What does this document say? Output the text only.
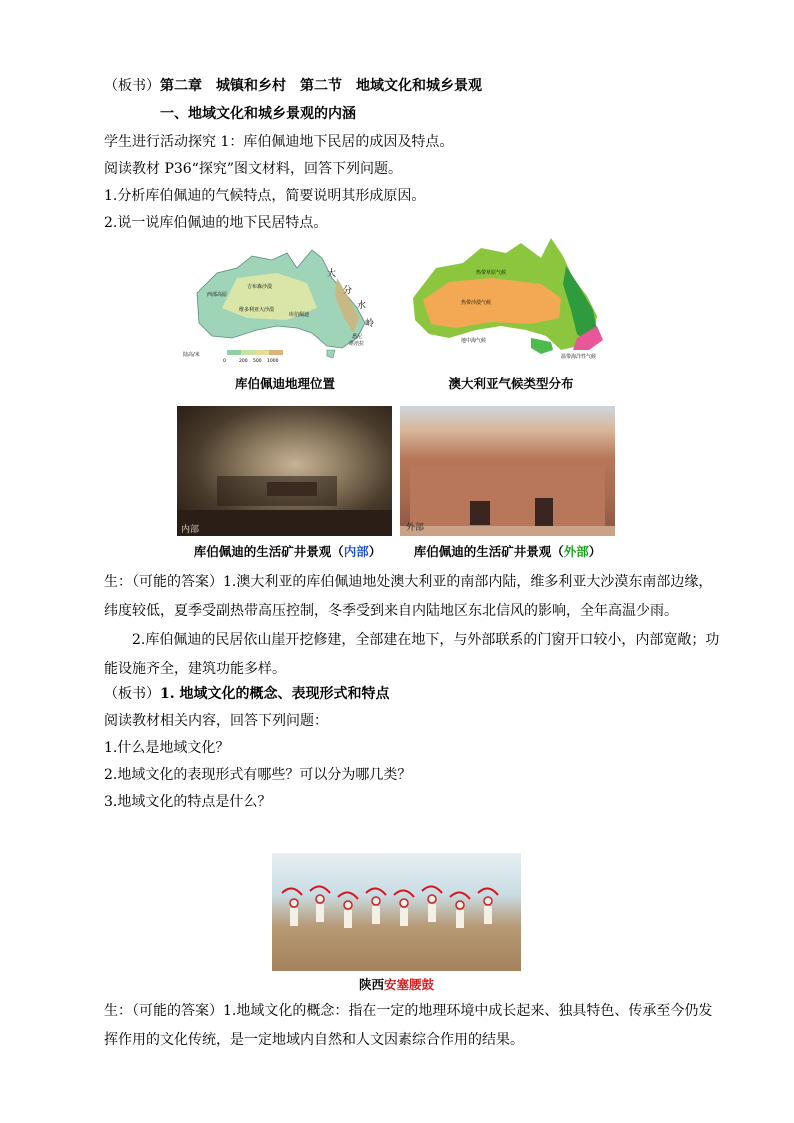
（板书）第二章　城镇和乡村　第二节　地域文化和城乡景观
一、地域文化和城乡景观的内涵
学生进行活动探究 1：库伯佩迪地下民居的成因及特点。
阅读教材 P36“探究”图文材料，回答下列问题。
1.分析库伯佩迪的气候特点，简要说明其形成原因。
2.说一说库伯佩迪的地下民居特点。
大
分
水
岭
吉布森沙漠
维多利亚大沙漠
库伯佩迪
悉尼
堪培拉
西部高原
陆高/米
0	200 500 1000
库伯佩迪地理位置
热带草原气候
热带沙漠气候
地中海气候
温带海洋性气候
澳大利亚气候类型分布
内部
库伯佩迪的生活矿井景观（内部）
外部
库伯佩迪的生活矿井景观（外部）
生：（可能的答案）1.澳大利亚的库伯佩迪地处澳大利亚的南部内陆，维多利亚大沙漠东南部边缘，纬度较低，夏季受副热带高压控制，冬季受到来自内陆地区东北信风的影响，全年高温少雨。
2.库伯佩迪的民居依山崖开挖修建，全部建在地下，与外部联系的门窗开口较小，内部宽敞；功能设施齐全，建筑功能多样。
（板书）1. 地域文化的概念、表现形式和特点
阅读教材相关内容，回答下列问题：
1.什么是地域文化？
2.地域文化的表现形式有哪些？可以分为哪几类？
3.地域文化的特点是什么？
陕西安塞腰鼓
生：（可能的答案）1.地域文化的概念：指在一定的地理环境中成长起来、独具特色、传承至今仍发挥作用的文化传统，是一定地域内自然和人文因素综合作用的结果。
